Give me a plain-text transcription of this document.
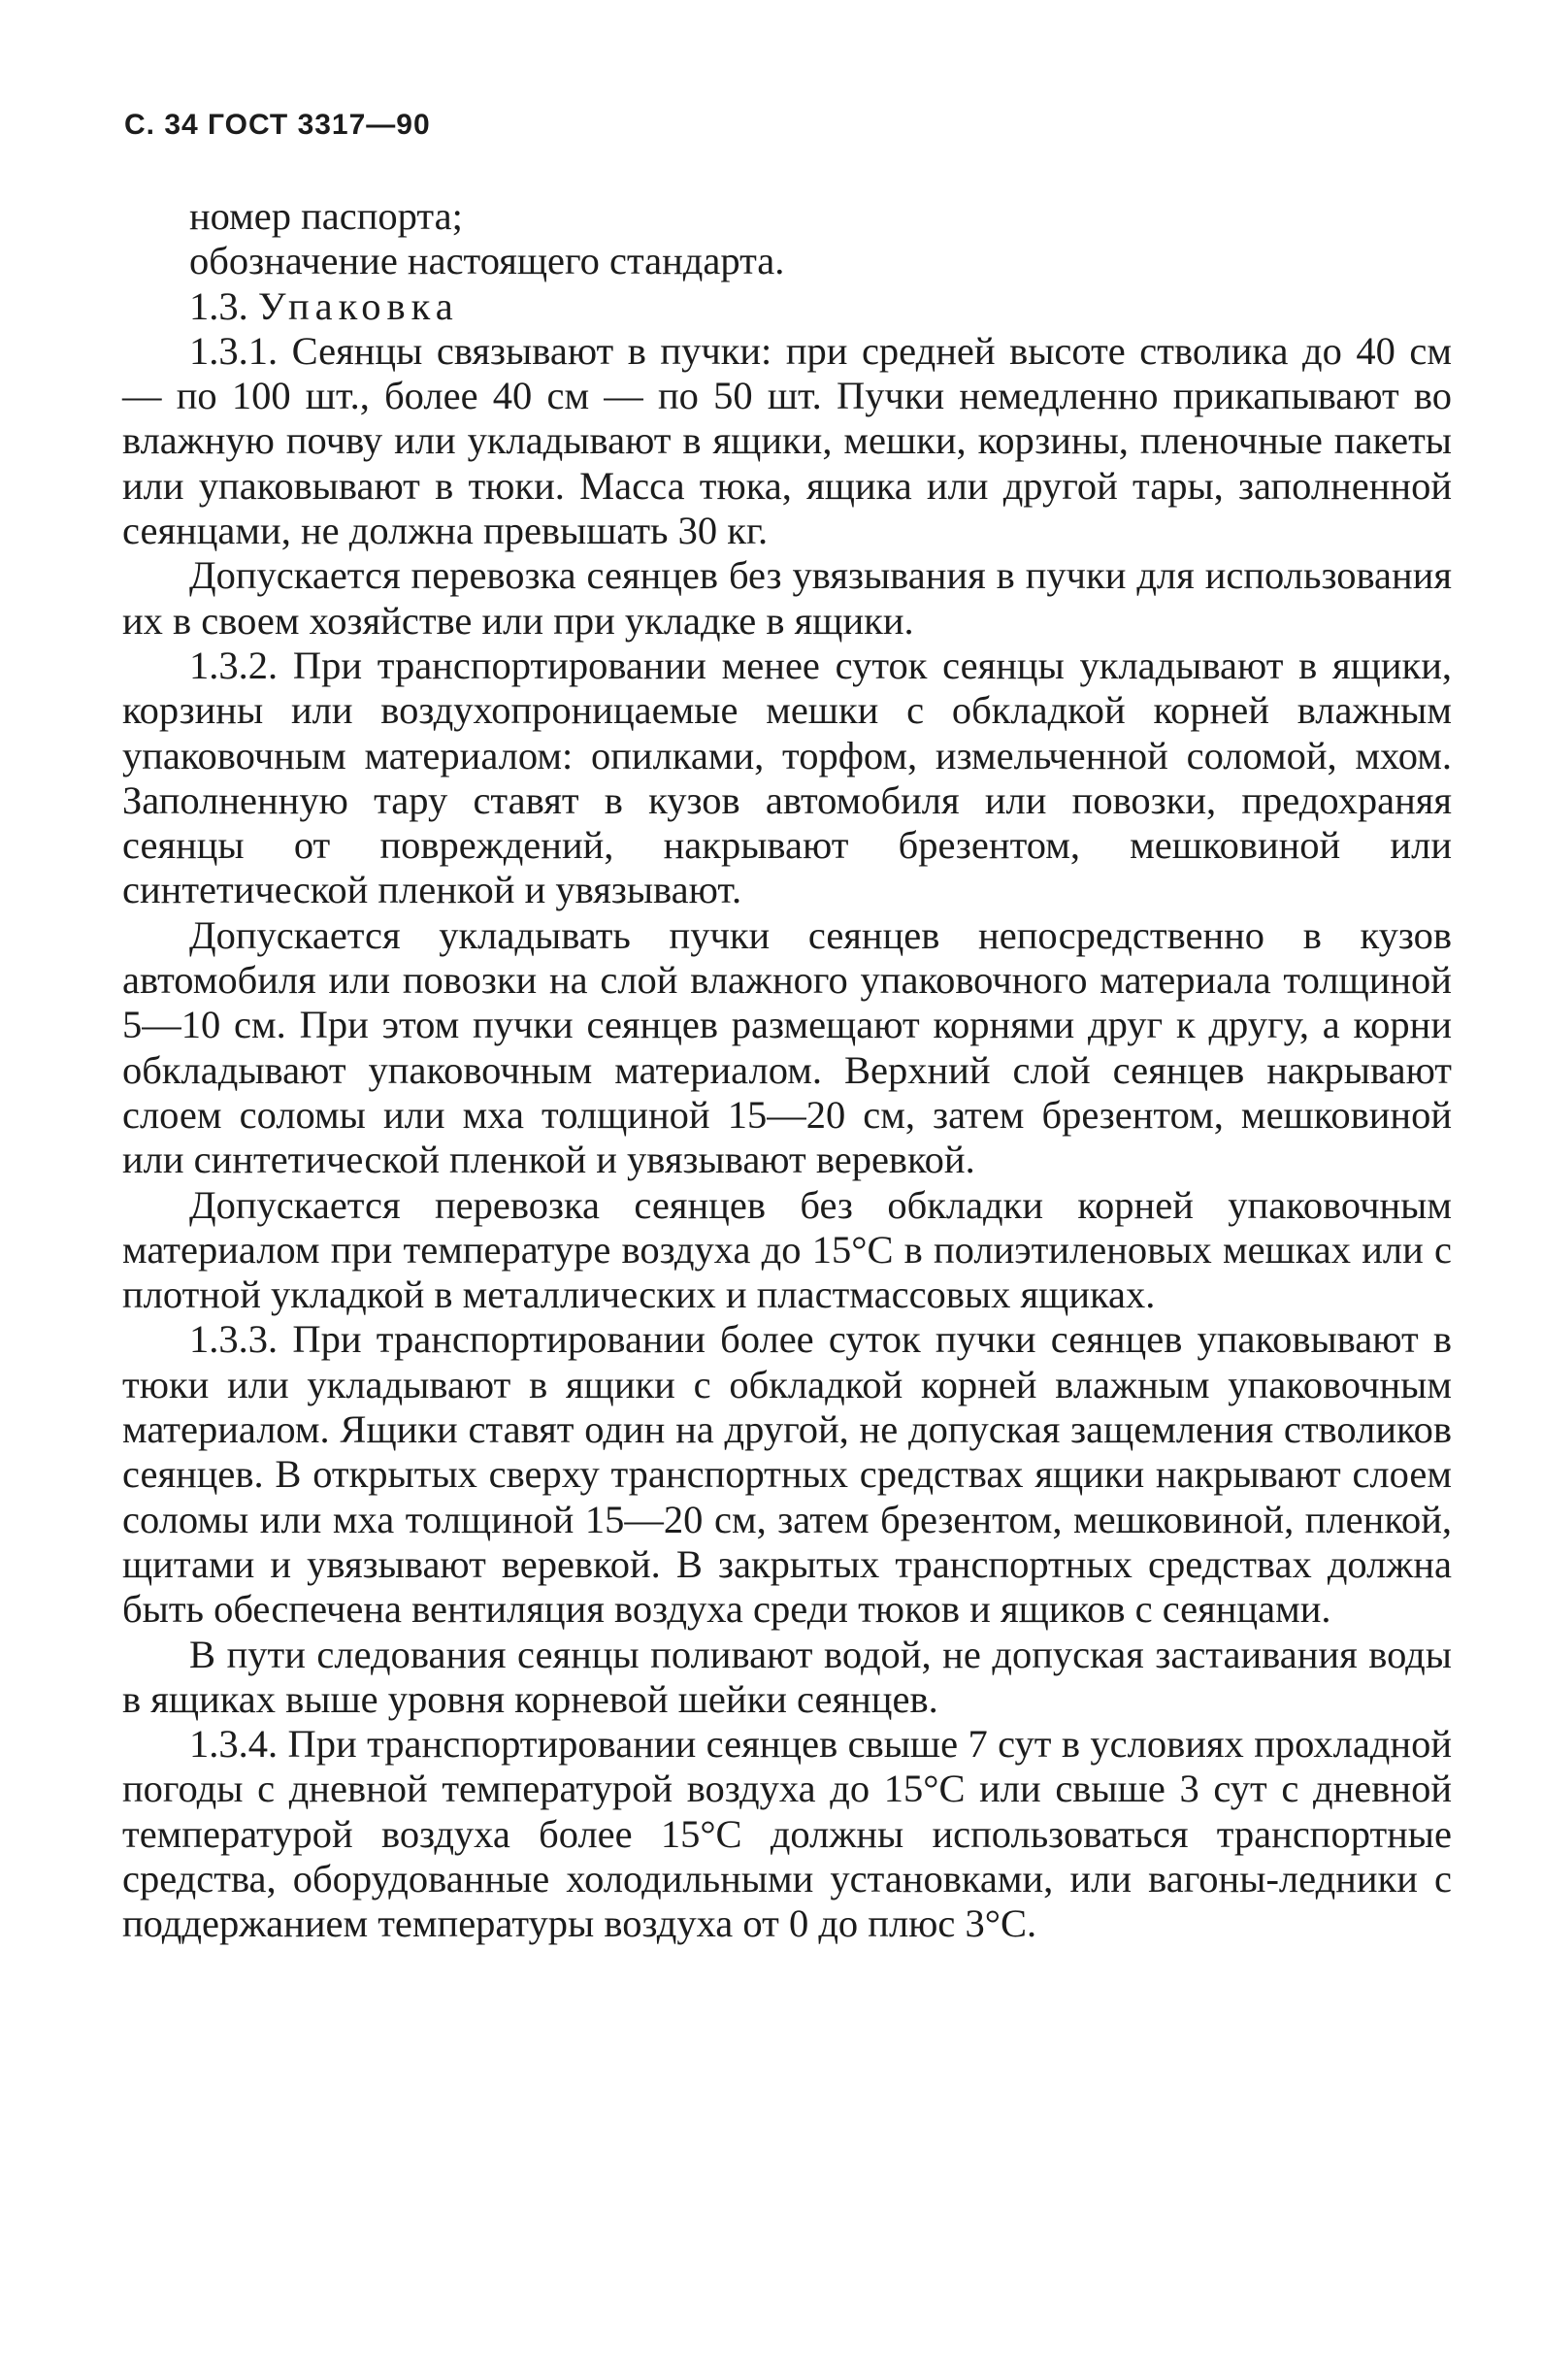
С. 34 ГОСТ 3317—90

номер паспорта;

обозначение настоящего стандарта.

1.3. Упаковка

1.3.1. Сеянцы связывают в пучки: при средней высоте стволика до 40 см — по 100 шт., более 40 см — по 50 шт. Пучки немедленно прикапывают во влажную почву или укладывают в ящики, мешки, корзины, пленочные пакеты или упаковывают в тюки. Масса тюка, ящика или другой тары, заполненной сеянцами, не должна превышать 30 кг.

Допускается перевозка сеянцев без увязывания в пучки для использования их в своем хозяйстве или при укладке в ящики.

1.3.2. При транспортировании менее суток сеянцы укладывают в ящики, корзины или воздухопроницаемые мешки с обкладкой корней влажным упаковочным материалом: опилками, торфом, измельченной соломой, мхом. Заполненную тару ставят в кузов автомобиля или повозки, предохраняя сеянцы от повреждений, накрывают брезентом, мешковиной или синтетической пленкой и увязывают.

Допускается укладывать пучки сеянцев непосредственно в кузов автомобиля или повозки на слой влажного упаковочного материала толщиной 5—10 см. При этом пучки сеянцев размещают корнями друг к другу, а корни обкладывают упаковочным материалом. Верхний слой сеянцев накрывают слоем соломы или мха толщиной 15—20 см, затем брезентом, мешковиной или синтетической пленкой и увязывают веревкой.

Допускается перевозка сеянцев без обкладки корней упаковочным материалом при температуре воздуха до 15°С в полиэтиленовых мешках или с плотной укладкой в металлических и пластмассовых ящиках.

1.3.3. При транспортировании более суток пучки сеянцев упаковывают в тюки или укладывают в ящики с обкладкой корней влажным упаковочным материалом. Ящики ставят один на другой, не допуская защемления стволиков сеянцев. В открытых сверху транспортных средствах ящики накрывают слоем соломы или мха толщиной 15—20 см, затем брезентом, мешковиной, пленкой, щитами и увязывают веревкой. В закрытых транспортных средствах должна быть обеспечена вентиляция воздуха среди тюков и ящиков с сеянцами.

В пути следования сеянцы поливают водой, не допуская застаивания воды в ящиках выше уровня корневой шейки сеянцев.

1.3.4. При транспортировании сеянцев свыше 7 сут в условиях прохладной погоды с дневной температурой воздуха до 15°С или свыше 3 сут с дневной температурой воздуха более 15°С должны использоваться транспортные средства, оборудованные холодильными установками, или вагоны-ледники с поддержанием температуры воздуха от 0 до плюс 3°С.
